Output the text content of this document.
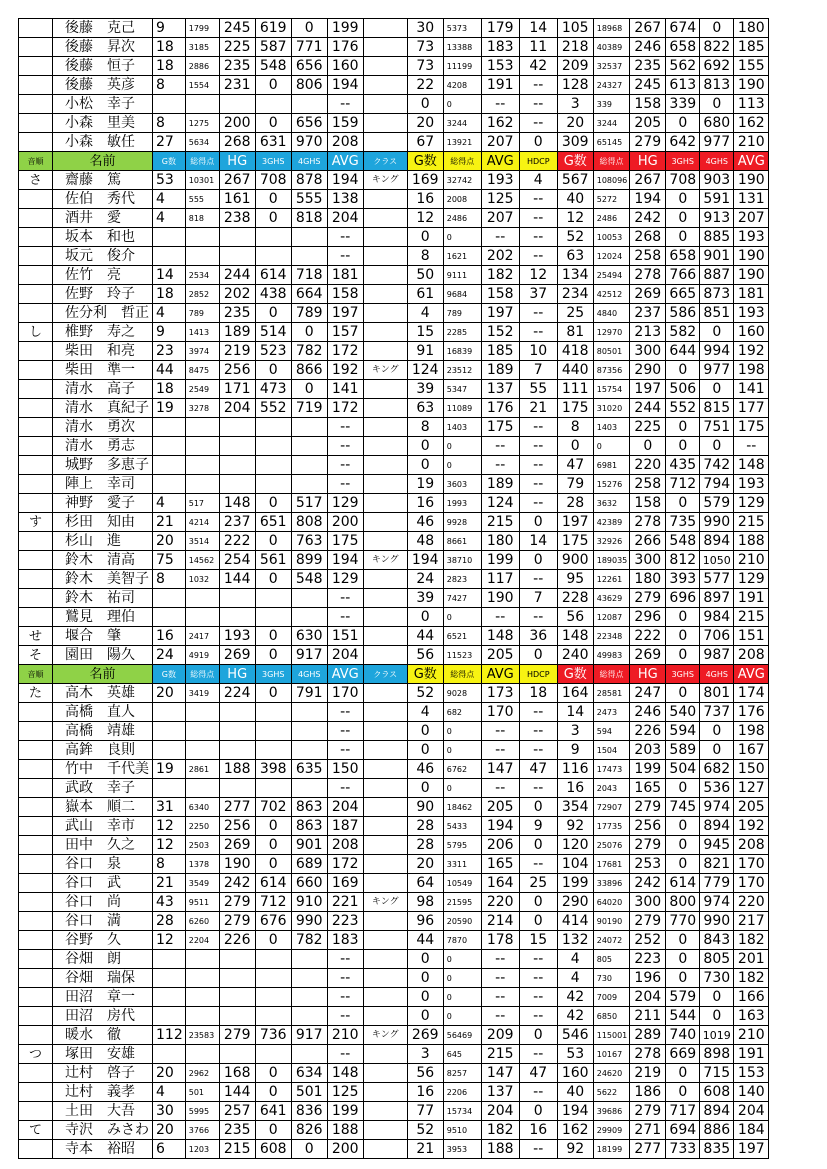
	後藤　克己	9	1799	245	619	0	199		30	5373	179	14	105	18968	267	674	0	180
	後藤　昇次	18	3185	225	587	771	176		73	13388	183	11	218	40389	246	658	822	185
	後藤　恒子	18	2886	235	548	656	160		73	11199	153	42	209	32537	235	562	692	155
	後藤　英彦	8	1554	231	0	806	194		22	4208	191	--	128	24327	245	613	813	190
	小松　幸子						--		0	0	--	--	3	339	158	339	0	113
	小森　里美	8	1275	200	0	656	159		20	3244	162	--	20	3244	205	0	680	162
	小森　敏任	27	5634	268	631	970	208		67	13921	207	0	309	65145	279	642	977	210
音順	名前	G数	総得点	HG	3GHS	4GHS	AVG	クラス	G数	総得点	AVG	HDCP	G数	総得点	HG	3GHS	4GHS	AVG
さ	齋藤　篤	53	10301	267	708	878	194	キング	169	32742	193	4	567	108096	267	708	903	190
	佐伯　秀代	4	555	161	0	555	138		16	2008	125	--	40	5272	194	0	591	131
	酒井　愛	4	818	238	0	818	204		12	2486	207	--	12	2486	242	0	913	207
	坂本　和也						--		0	0	--	--	52	10053	268	0	885	193
	坂元　俊介						--		8	1621	202	--	63	12024	258	658	901	190
	佐竹　亮	14	2534	244	614	718	181		50	9111	182	12	134	25494	278	766	887	190
	佐野　玲子	18	2852	202	438	664	158		61	9684	158	37	234	42512	269	665	873	181
	佐分利　哲正	4	789	235	0	789	197		4	789	197	--	25	4840	237	586	851	193
し	椎野　寿之	9	1413	189	514	0	157		15	2285	152	--	81	12970	213	582	0	160
	柴田　和亮	23	3974	219	523	782	172		91	16839	185	10	418	80501	300	644	994	192
	柴田　準一	44	8475	256	0	866	192	キング	124	23512	189	7	440	87356	290	0	977	198
	清水　高子	18	2549	171	473	0	141		39	5347	137	55	111	15754	197	506	0	141
	清水　真紀子	19	3278	204	552	719	172		63	11089	176	21	175	31020	244	552	815	177
	清水　勇次						--		8	1403	175	--	8	1403	225	0	751	175
	清水　勇志						--		0	0	--	--	0	0	0	0	0	--
	城野　多恵子						--		0	0	--	--	47	6981	220	435	742	148
	陣上　幸司						--		19	3603	189	--	79	15276	258	712	794	193
	神野　愛子	4	517	148	0	517	129		16	1993	124	--	28	3632	158	0	579	129
す	杉田　知由	21	4214	237	651	808	200		46	9928	215	0	197	42389	278	735	990	215
	杉山　進	20	3514	222	0	763	175		48	8661	180	14	175	32926	266	548	894	188
	鈴木　清高	75	14562	254	561	899	194	キング	194	38710	199	0	900	189035	300	812	1050	210
	鈴木　美智子	8	1032	144	0	548	129		24	2823	117	--	95	12261	180	393	577	129
	鈴木　祐司						--		39	7427	190	7	228	43629	279	696	897	191
	鷲見　理伯						--		0	0	--	--	56	12087	296	0	984	215
せ	堰合　肇	16	2417	193	0	630	151		44	6521	148	36	148	22348	222	0	706	151
そ	園田　陽久	24	4919	269	0	917	204		56	11523	205	0	240	49983	269	0	987	208
音順	名前	G数	総得点	HG	3GHS	4GHS	AVG	クラス	G数	総得点	AVG	HDCP	G数	総得点	HG	3GHS	4GHS	AVG
た	高木　英雄	20	3419	224	0	791	170		52	9028	173	18	164	28581	247	0	801	174
	高橋　直人						--		4	682	170	--	14	2473	246	540	737	176
	高橋　靖雄						--		0	0	--	--	3	594	226	594	0	198
	高鉾　良則						--		0	0	--	--	9	1504	203	589	0	167
	竹中　千代美	19	2861	188	398	635	150		46	6762	147	47	116	17473	199	504	682	150
	武政　幸子						--		0	0	--	--	16	2043	165	0	536	127
	嶽本　順二	31	6340	277	702	863	204		90	18462	205	0	354	72907	279	745	974	205
	武山　幸市	12	2250	256	0	863	187		28	5433	194	9	92	17735	256	0	894	192
	田中　久之	12	2503	269	0	901	208		28	5795	206	0	120	25076	279	0	945	208
	谷口　泉	8	1378	190	0	689	172		20	3311	165	--	104	17681	253	0	821	170
	谷口　武	21	3549	242	614	660	169		64	10549	164	25	199	33896	242	614	779	170
	谷口　尚	43	9511	279	712	910	221	キング	98	21595	220	0	290	64020	300	800	974	220
	谷口　満	28	6260	279	676	990	223		96	20590	214	0	414	90190	279	770	990	217
	谷野　久	12	2204	226	0	782	183		44	7870	178	15	132	24072	252	0	843	182
	谷畑　朗						--		0	0	--	--	4	805	223	0	805	201
	谷畑　瑞保						--		0	0	--	--	4	730	196	0	730	182
	田沼　章一						--		0	0	--	--	42	7009	204	579	0	166
	田沼　房代						--		0	0	--	--	42	6850	211	544	0	163
	暖水　徹	112	23583	279	736	917	210	キング	269	56469	209	0	546	115001	289	740	1019	210
つ	塚田　安雄						--		3	645	215	--	53	10167	278	669	898	191
	辻村　啓子	20	2962	168	0	634	148		56	8257	147	47	160	24620	219	0	715	153
	辻村　義孝	4	501	144	0	501	125		16	2206	137	--	40	5622	186	0	608	140
	土田　大吾	30	5995	257	641	836	199		77	15734	204	0	194	39686	279	717	894	204
て	寺沢　みさわ	20	3766	235	0	826	188		52	9510	182	16	162	29909	271	694	886	184
	寺本　裕昭	6	1203	215	608	0	200		21	3953	188	--	92	18199	277	733	835	197
